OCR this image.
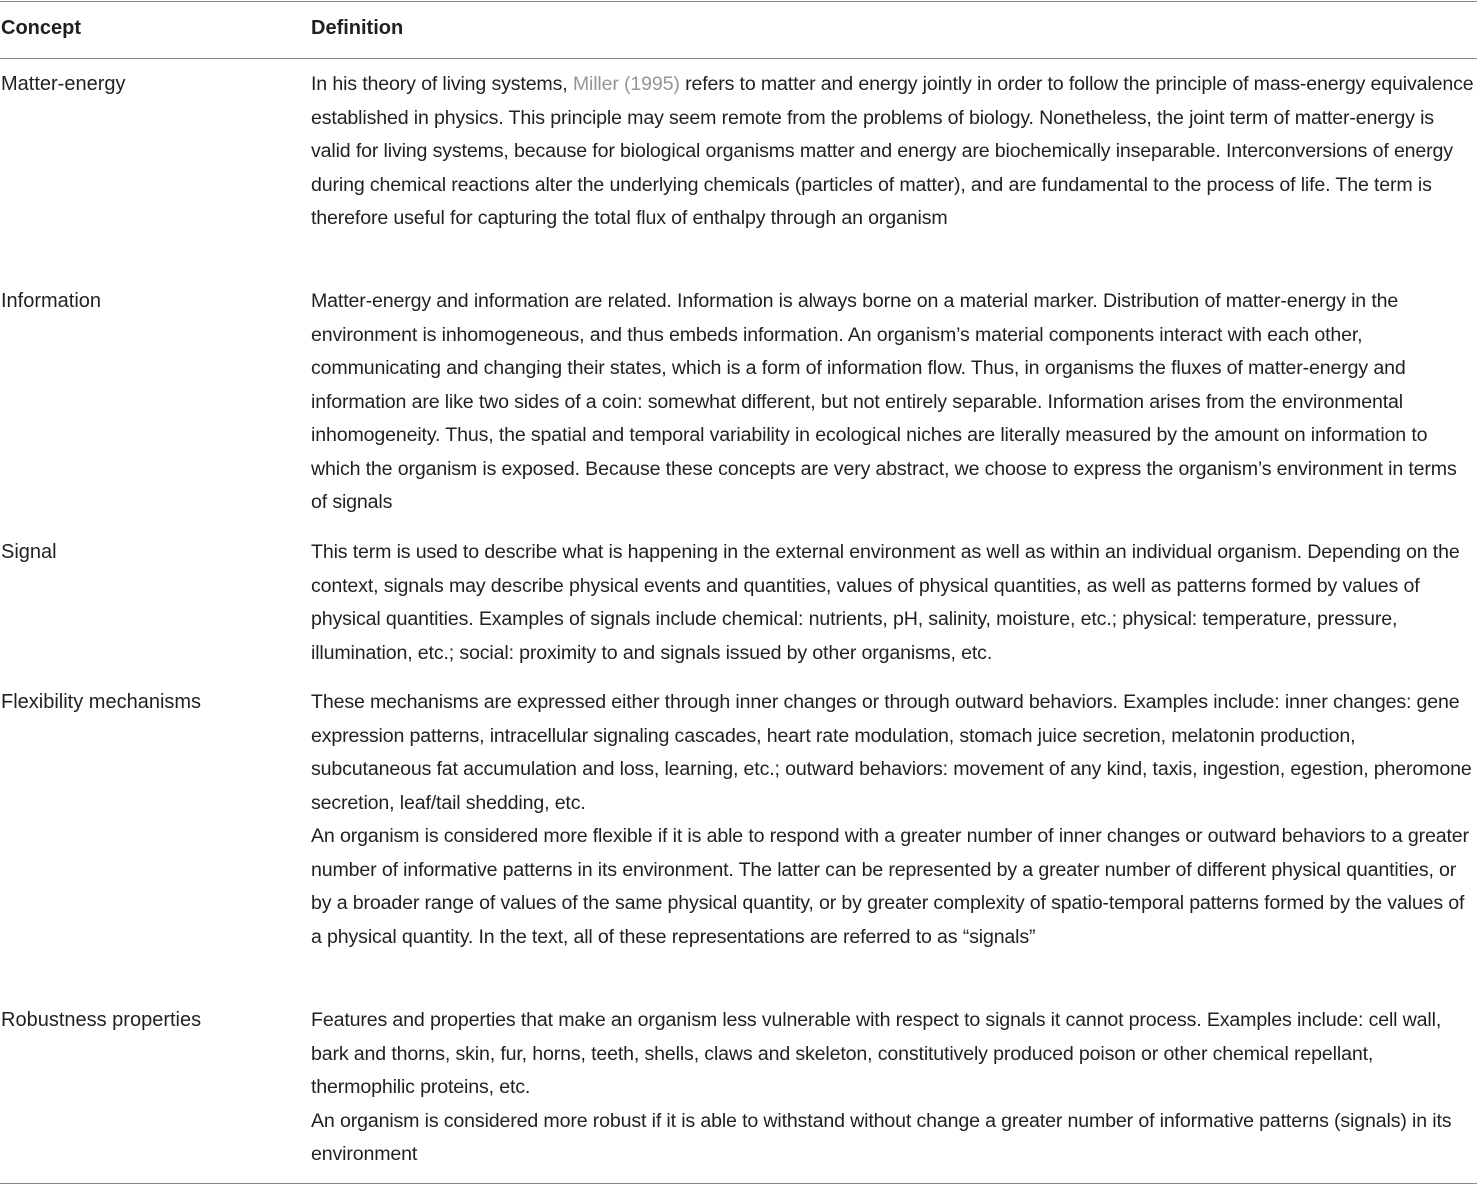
Concept	Definition
Matter-energy	In his theory of living systems, Miller (1995) refers to matter and energy jointly in order to follow the principle of mass-energy equivalence established in physics. This principle may seem remote from the problems of biology. Nonetheless, the joint term of matter-energy is valid for living systems, because for biological organisms matter and energy are biochemically inseparable. Interconversions of energy during chemical reactions alter the underlying chemicals (particles of matter), and are fundamental to the process of life. The term is therefore useful for capturing the total flux of enthalpy through an organism

Information	Matter-energy and information are related. Information is always borne on a material marker. Distribution of matter-energy in the environment is inhomogeneous, and thus embeds information. An organism’s material components interact with each other, communicating and changing their states, which is a form of information flow. Thus, in organisms the fluxes of matter-energy and information are like two sides of a coin: somewhat different, but not entirely separable. Information arises from the environmental inhomogeneity. Thus, the spatial and temporal variability in ecological niches are literally measured by the amount on information to which the organism is exposed. Because these concepts are very abstract, we choose to express the organism’s environment in terms of signals

Signal	This term is used to describe what is happening in the external environment as well as within an individual organism. Depending on the context, signals may describe physical events and quantities, values of physical quantities, as well as patterns formed by values of physical quantities. Examples of signals include chemical: nutrients, pH, salinity, moisture, etc.; physical: temperature, pressure, illumination, etc.; social: proximity to and signals issued by other organisms, etc.

Flexibility mechanisms	These mechanisms are expressed either through inner changes or through outward behaviors. Examples include: inner changes: gene expression patterns, intracellular signaling cascades, heart rate modulation, stomach juice secretion, melatonin production, subcutaneous fat accumulation and loss, learning, etc.; outward behaviors: movement of any kind, taxis, ingestion, egestion, pheromone secretion, leaf/tail shedding, etc.

An organism is considered more flexible if it is able to respond with a greater number of inner changes or outward behaviors to a greater number of informative patterns in its environment. The latter can be represented by a greater number of different physical quantities, or by a broader range of values of the same physical quantity, or by greater complexity of spatio-temporal patterns formed by the values of a physical quantity. In the text, all of these representations are referred to as “signals”

Robustness properties	Features and properties that make an organism less vulnerable with respect to signals it cannot process. Examples include: cell wall, bark and thorns, skin, fur, horns, teeth, shells, claws and skeleton, constitutively produced poison or other chemical repellant, thermophilic proteins, etc.

An organism is considered more robust if it is able to withstand without change a greater number of informative patterns (signals) in its environment
